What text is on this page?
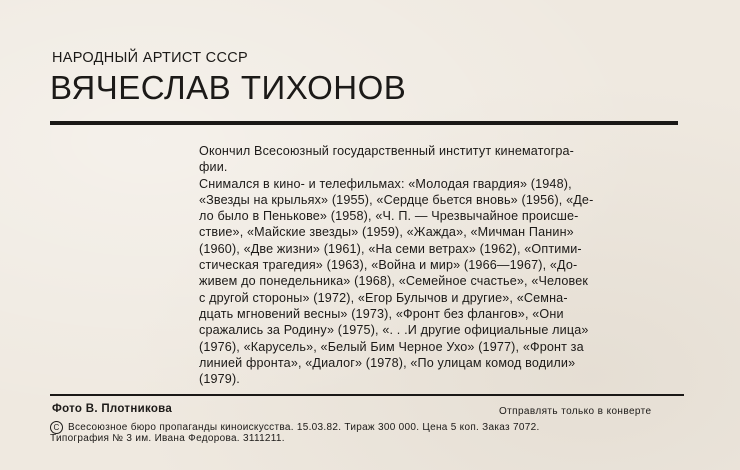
НАРОДНЫЙ АРТИСТ СССР
ВЯЧЕСЛАВ ТИХОНОВ
Окончил Всесоюзный государственный институт кинематогра-
фии.
Снимался в кино- и телефильмах: «Молодая гвардия» (1948),
«Звезды на крыльях» (1955), «Сердце бьется вновь» (1956), «Де-
ло было в Пенькове» (1958), «Ч. П. — Чрезвычайное происше-
ствие», «Майские звезды» (1959), «Жажда», «Мичман Панин»
(1960), «Две жизни» (1961), «На семи ветрах» (1962), «Оптими-
стическая трагедия» (1963), «Война и мир» (1966—1967), «До-
живем до понедельника» (1968), «Семейное счастье», «Человек
с другой стороны» (1972), «Егор Булычов и другие», «Семна-
дцать мгновений весны» (1973), «Фронт без флангов», «Они
сражались за Родину» (1975), «. . .И другие официальные лица»
(1976), «Карусель», «Белый Бим Черное Ухо» (1977), «Фронт за
линией фронта», «Диалог» (1978), «По улицам комод водили»
(1979).
Фото В. Плотникова	Отправлять только в конверте
C Всесоюзное бюро пропаганды киноискусства. 15.03.82. Тираж 300 000. Цена 5 коп. Заказ 7072.
Типография № 3 им. Ивана Федорова. 3111211.
